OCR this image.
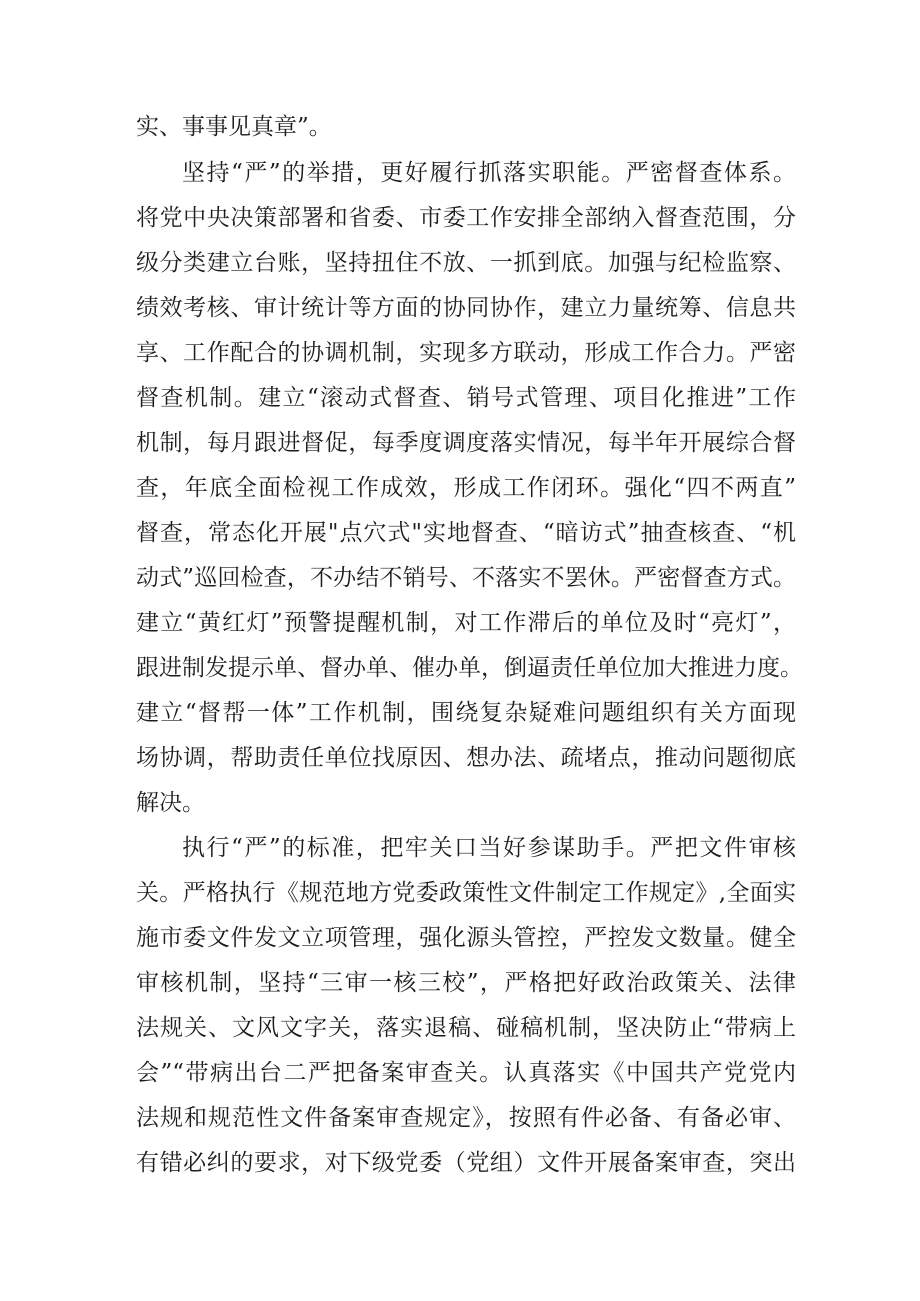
实、事事见真章”。
坚持“严”的举措，更好履行抓落实职能。严密督查体系。
将党中央决策部署和省委、市委工作安排全部纳入督查范围，分
级分类建立台账，坚持扭住不放、一抓到底。加强与纪检监察、
绩效考核、审计统计等方面的协同协作，建立力量统筹、信息共
享、工作配合的协调机制，实现多方联动，形成工作合力。严密
督查机制。建立“滚动式督查、销号式管理、项目化推进”工作
机制，每月跟进督促，每季度调度落实情况，每半年开展综合督
查，年底全面检视工作成效，形成工作闭环。强化“四不两直”
督查，常态化开展"点穴式"实地督查、“暗访式”抽查核查、“机
动式”巡回检查，不办结不销号、不落实不罢休。严密督查方式。
建立“黄红灯”预警提醒机制，对工作滞后的单位及时“亮灯”，
跟进制发提示单、督办单、催办单，倒逼责任单位加大推进力度。
建立“督帮一体”工作机制，围绕复杂疑难问题组织有关方面现
场协调，帮助责任单位找原因、想办法、疏堵点，推动问题彻底
解决。
执行“严”的标准，把牢关口当好参谋助手。严把文件审核
关。严格执行《规范地方党委政策性文件制定工作规定》,全面实
施市委文件发文立项管理，强化源头管控，严控发文数量。健全
审核机制，坚持“三审一核三校”，严格把好政治政策关、法律
法规关、文风文字关，落实退稿、碰稿机制，坚决防止“带病上
会”“带病出台二严把备案审查关。认真落实《中国共产党党内
法规和规范性文件备案审查规定》，按照有件必备、有备必审、
有错必纠的要求，对下级党委（党组）文件开展备案审查，突出
